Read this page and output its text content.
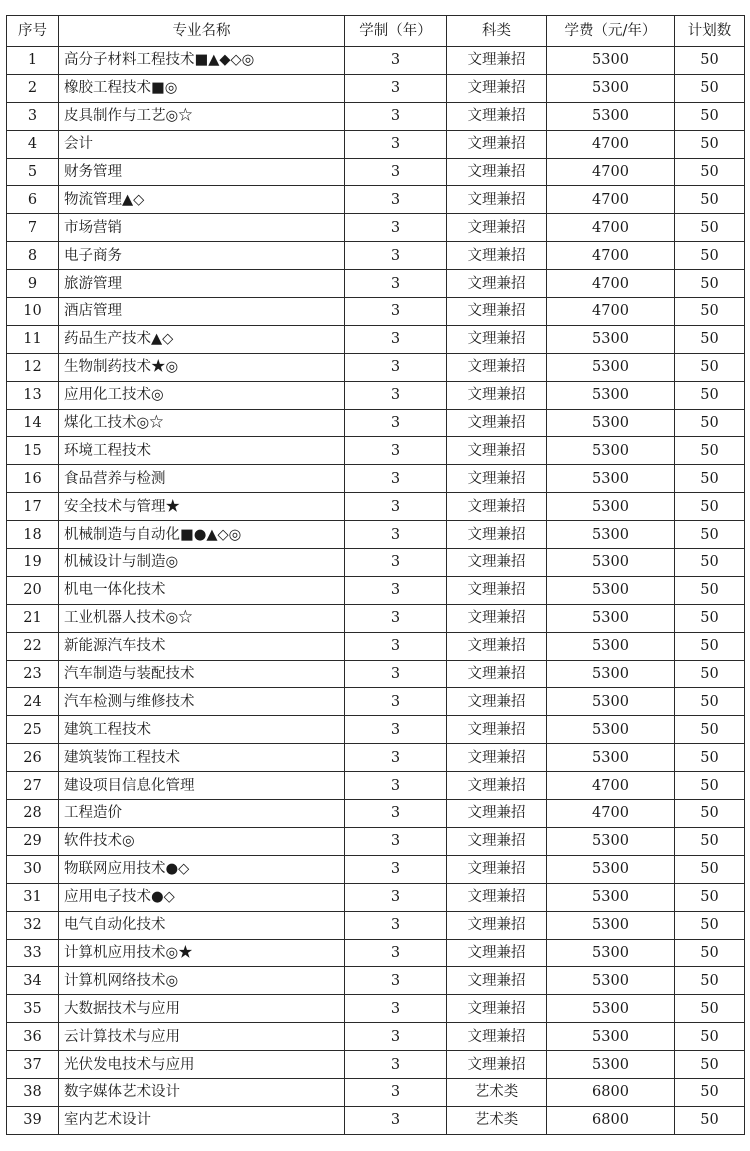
序号	专业名称	学制（年）	科类	学费（元/年）	计划数
1	高分子材料工程技术■▲◆◇◎	3	文理兼招	5300	50
2	橡胶工程技术■◎	3	文理兼招	5300	50
3	皮具制作与工艺◎☆	3	文理兼招	5300	50
4	会计	3	文理兼招	4700	50
5	财务管理	3	文理兼招	4700	50
6	物流管理▲◇	3	文理兼招	4700	50
7	市场营销	3	文理兼招	4700	50
8	电子商务	3	文理兼招	4700	50
9	旅游管理	3	文理兼招	4700	50
10	酒店管理	3	文理兼招	4700	50
11	药品生产技术▲◇	3	文理兼招	5300	50
12	生物制药技术★◎	3	文理兼招	5300	50
13	应用化工技术◎	3	文理兼招	5300	50
14	煤化工技术◎☆	3	文理兼招	5300	50
15	环境工程技术	3	文理兼招	5300	50
16	食品营养与检测	3	文理兼招	5300	50
17	安全技术与管理★	3	文理兼招	5300	50
18	机械制造与自动化■●▲◇◎	3	文理兼招	5300	50
19	机械设计与制造◎	3	文理兼招	5300	50
20	机电一体化技术	3	文理兼招	5300	50
21	工业机器人技术◎☆	3	文理兼招	5300	50
22	新能源汽车技术	3	文理兼招	5300	50
23	汽车制造与装配技术	3	文理兼招	5300	50
24	汽车检测与维修技术	3	文理兼招	5300	50
25	建筑工程技术	3	文理兼招	5300	50
26	建筑装饰工程技术	3	文理兼招	5300	50
27	建设项目信息化管理	3	文理兼招	4700	50
28	工程造价	3	文理兼招	4700	50
29	软件技术◎	3	文理兼招	5300	50
30	物联网应用技术●◇	3	文理兼招	5300	50
31	应用电子技术●◇	3	文理兼招	5300	50
32	电气自动化技术	3	文理兼招	5300	50
33	计算机应用技术◎★	3	文理兼招	5300	50
34	计算机网络技术◎	3	文理兼招	5300	50
35	大数据技术与应用	3	文理兼招	5300	50
36	云计算技术与应用	3	文理兼招	5300	50
37	光伏发电技术与应用	3	文理兼招	5300	50
38	数字媒体艺术设计	3	艺术类	6800	50
39	室内艺术设计	3	艺术类	6800	50
